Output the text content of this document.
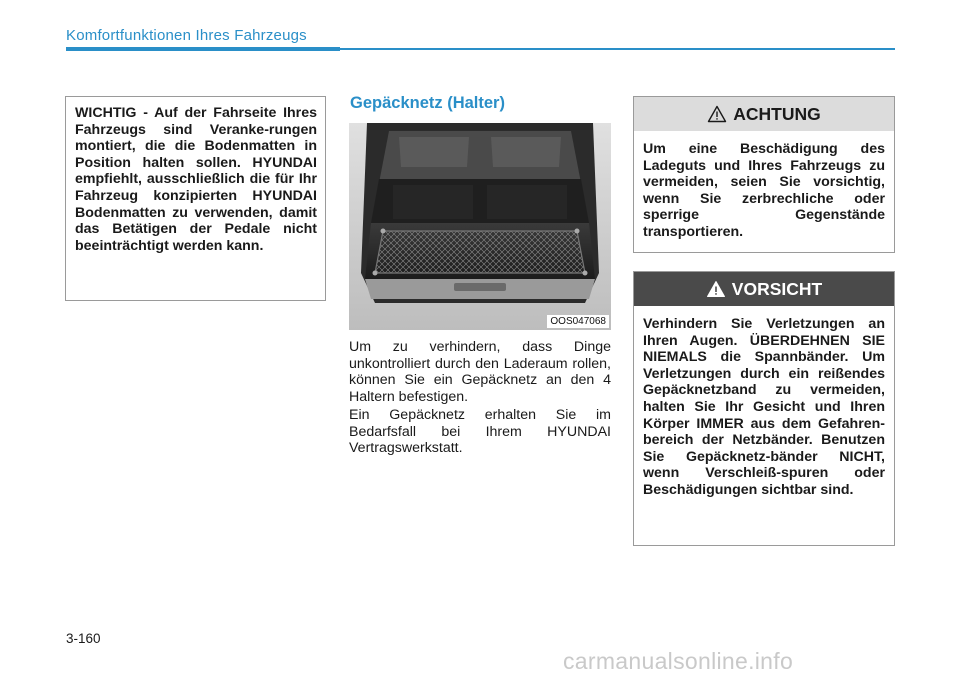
Komfortfunktionen Ihres Fahrzeugs

WICHTIG - Auf der Fahrseite Ihres Fahrzeugs sind Veranke-rungen montiert, die die Bodenmatten in Position halten sollen. HYUNDAI empfiehlt, ausschließlich die für Ihr Fahrzeug konzipierten HYUNDAI Bodenmatten zu verwenden, damit das Betätigen der Pedale nicht beeinträchtigt werden kann.

Gepäcknetz (Halter)
OOS047068

Um zu verhindern, dass Dinge unkontrolliert durch den Laderaum rollen, können Sie ein Gepäcknetz an den 4 Haltern befestigen.

Ein Gepäcknetz erhalten Sie im Bedarfsfall bei Ihrem HYUNDAI Vertragswerkstatt.

ACHTUNG

Um eine Beschädigung des Ladeguts und Ihres Fahrzeugs zu vermeiden, seien Sie vorsichtig, wenn Sie zerbrechliche oder sperrige Gegenstände transportieren.

VORSICHT

Verhindern Sie Verletzungen an Ihren Augen. ÜBERDEHNEN SIE NIEMALS die Spannbänder. Um Verletzungen durch ein reißendes Gepäcknetzband zu vermeiden, halten Sie Ihr Gesicht und Ihren Körper IMMER aus dem Gefahren-bereich der Netzbänder. Benutzen Sie Gepäcknetz-bänder NICHT, wenn Verschleiß-spuren oder Beschädigungen sichtbar sind.

3-160
carmanualsonline.info
